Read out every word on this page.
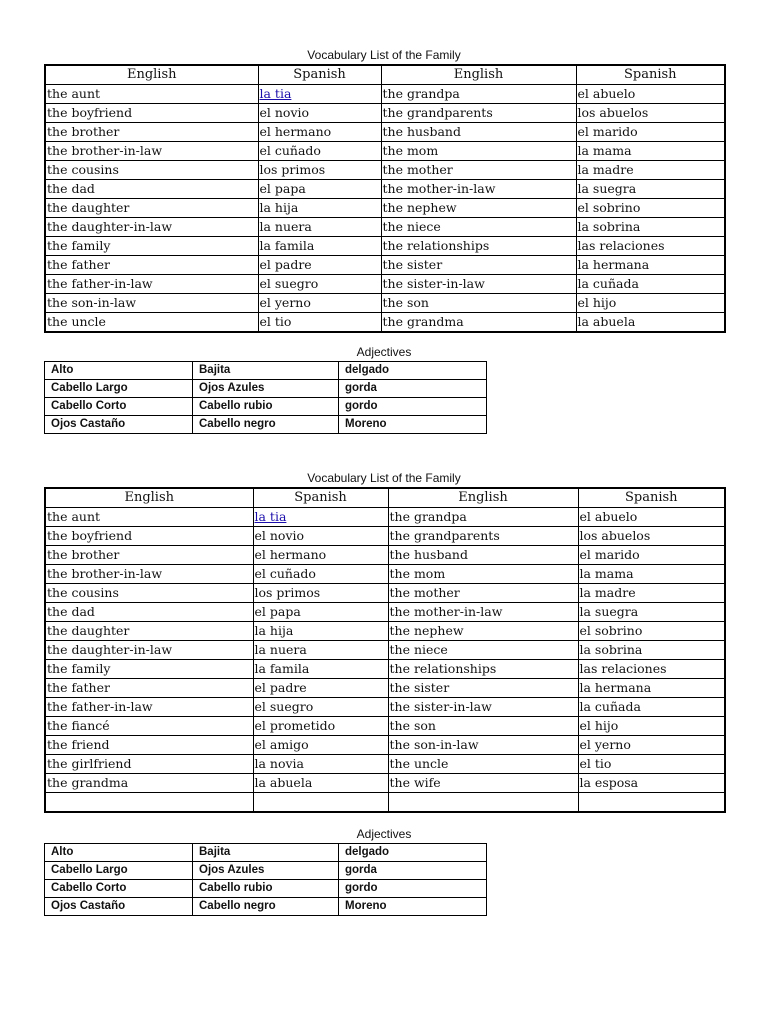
Vocabulary List of the Family
English	Spanish	English	Spanish
the aunt	la tia	the grandpa	el abuelo
the boyfriend	el novio	the grandparents	los abuelos
the brother	el hermano	the husband	el marido
the brother-in-law	el cuñado	the mom	la mama
the cousins	los primos	the mother	la madre
the dad	el papa	the mother-in-law	la suegra
the daughter	la hija	the nephew	el sobrino
the daughter-in-law	la nuera	the niece	la sobrina
the family	la famila	the relationships	las relaciones
the father	el padre	the sister	la hermana
the father-in-law	el suegro	the sister-in-law	la cuñada
the son-in-law	el yerno	the son	el hijo
the uncle	el tio	the grandma	la abuela
Adjectives
Alto	Bajita	delgado
Cabello Largo	Ojos Azules	gorda
Cabello Corto	Cabello rubio	gordo
Ojos Castaño	Cabello negro	Moreno
Vocabulary List of the Family
English	Spanish	English	Spanish
the aunt	la tia	the grandpa	el abuelo
the boyfriend	el novio	the grandparents	los abuelos
the brother	el hermano	the husband	el marido
the brother-in-law	el cuñado	the mom	la mama
the cousins	los primos	the mother	la madre
the dad	el papa	the mother-in-law	la suegra
the daughter	la hija	the nephew	el sobrino
the daughter-in-law	la nuera	the niece	la sobrina
the family	la famila	the relationships	las relaciones
the father	el padre	the sister	la hermana
the father-in-law	el suegro	the sister-in-law	la cuñada
the fiancé	el prometido	the son	el hijo
the friend	el amigo	the son-in-law	el yerno
the girlfriend	la novia	the uncle	el tio
the grandma	la abuela	the wife	la esposa

Adjectives
Alto	Bajita	delgado
Cabello Largo	Ojos Azules	gorda
Cabello Corto	Cabello rubio	gordo
Ojos Castaño	Cabello negro	Moreno
